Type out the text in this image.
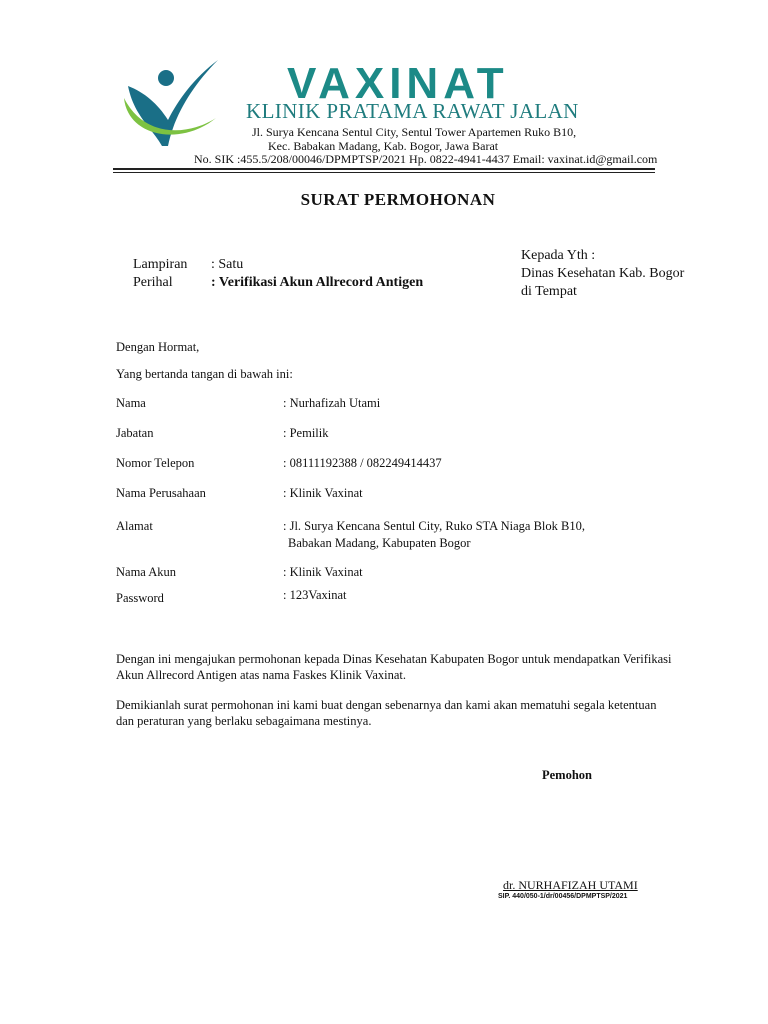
VAXINAT
KLINIK PRATAMA RAWAT JALAN
Jl. Surya Kencana Sentul City, Sentul Tower Apartemen Ruko B10,
Kec. Babakan Madang, Kab. Bogor, Jawa Barat
No. SIK :455.5/208/00046/DPMPTSP/2021 Hp. 0822-4941-4437 Email: vaxinat.id@gmail.com
SURAT PERMOHONAN
Lampiran : Satu
Perihal	: Verifikasi Akun Allrecord Antigen
Kepada Yth :
Dinas Kesehatan Kab. Bogor
di Tempat
Dengan Hormat,
Yang bertanda tangan di bawah ini:
Nama	: Nurhafizah Utami
Jabatan	: Pemilik
Nomor Telepon	: 08111192388 / 082249414437
Nama Perusahaan	: Klinik Vaxinat
Alamat	: Jl. Surya Kencana Sentul City, Ruko STA Niaga Blok B10,
Babakan Madang, Kabupaten Bogor
Nama Akun	: Klinik Vaxinat
Password	: 123Vaxinat
Dengan ini mengajukan permohonan kepada Dinas Kesehatan Kabupaten Bogor untuk mendapatkan Verifikasi
Akun Allrecord Antigen atas nama Faskes Klinik Vaxinat.
Demikianlah surat permohonan ini kami buat dengan sebenarnya dan kami akan mematuhi segala ketentuan
dan peraturan yang berlaku sebagaimana mestinya.
Pemohon
dr. NURHAFIZAH UTAMI
SIP. 440/050-1/dr/00456/DPMPTSP/2021
